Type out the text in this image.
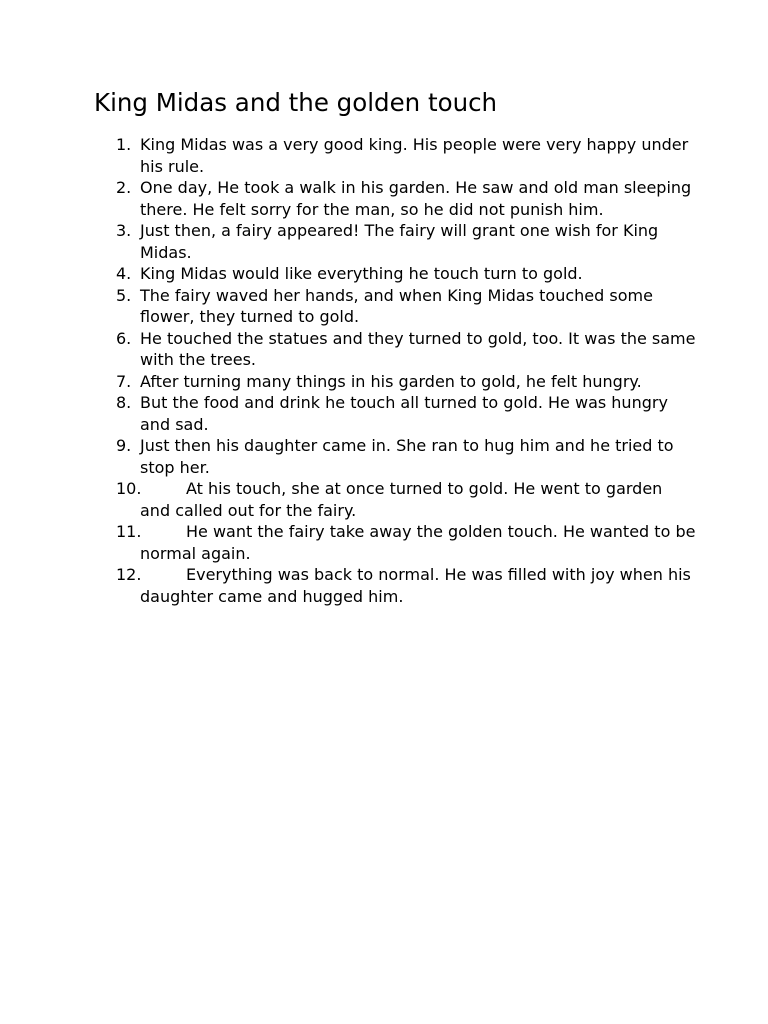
King Midas and the golden touch
1. King Midas was a very good king. His people were very happy under his rule.
2. One day, He took a walk in his garden. He saw and old man sleeping there. He felt sorry for the man, so he did not punish him.
3. Just then, a fairy appeared! The fairy will grant one wish for King Midas.
4. King Midas would like everything he touch turn to gold.
5. The fairy waved her hands, and when King Midas touched some flower, they turned to gold.
6. He touched the statues and they turned to gold, too. It was the same with the trees.
7. After turning many things in his garden to gold, he felt hungry.
8. But the food and drink he touch all turned to gold. He was hungry and sad.
9. Just then his daughter came in. She ran to hug him and he tried to stop her.
10.	At his touch, she at once turned to gold. He went to garden and called out for the fairy.
11.	He want the fairy take away the golden touch. He wanted to be normal again.
12.	Everything was back to normal. He was filled with joy when his daughter came and hugged him.
